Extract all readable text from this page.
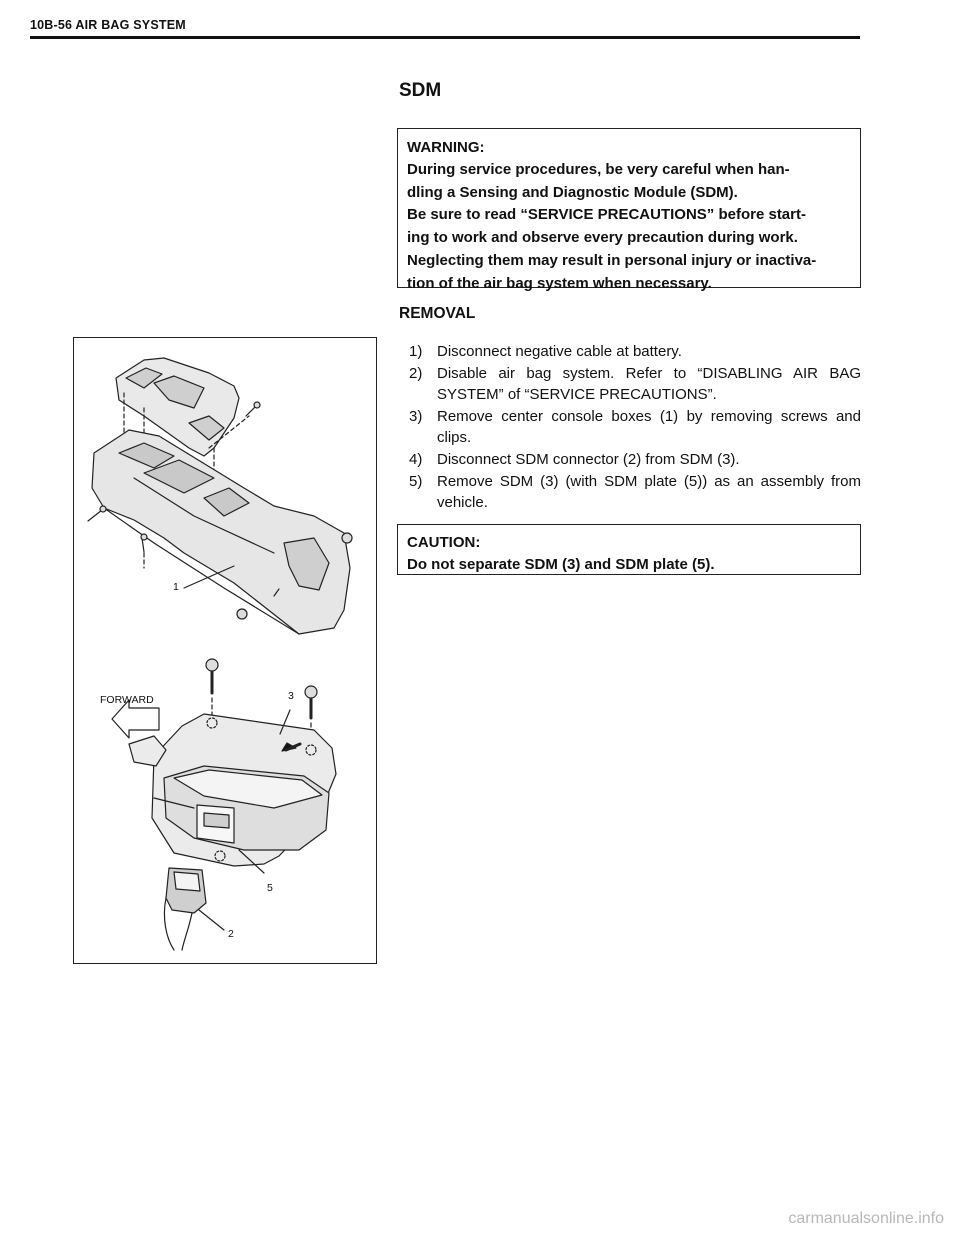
10B-56 AIR BAG SYSTEM
SDM
WARNING:
During service procedures, be very careful when han-
dling a Sensing and Diagnostic Module (SDM).
Be sure to read “SERVICE PRECAUTIONS” before start-
ing to work and observe every precaution during work.
Neglecting them may result in personal injury or inactiva-
tion of the air bag system when necessary.
REMOVAL
1) Disconnect negative cable at battery.
2) Disable air bag system. Refer to “DISABLING AIR BAG SYSTEM” of “SERVICE PRECAUTIONS”.
3) Remove center console boxes (1) by removing screws and clips.
4) Disconnect SDM connector (2) from SDM (3).
5) Remove SDM (3) (with SDM plate (5)) as an assembly from vehicle.
CAUTION:
Do not separate SDM (3) and SDM plate (5).
1
3
FORWARD
5
2
carmanualsonline.info
